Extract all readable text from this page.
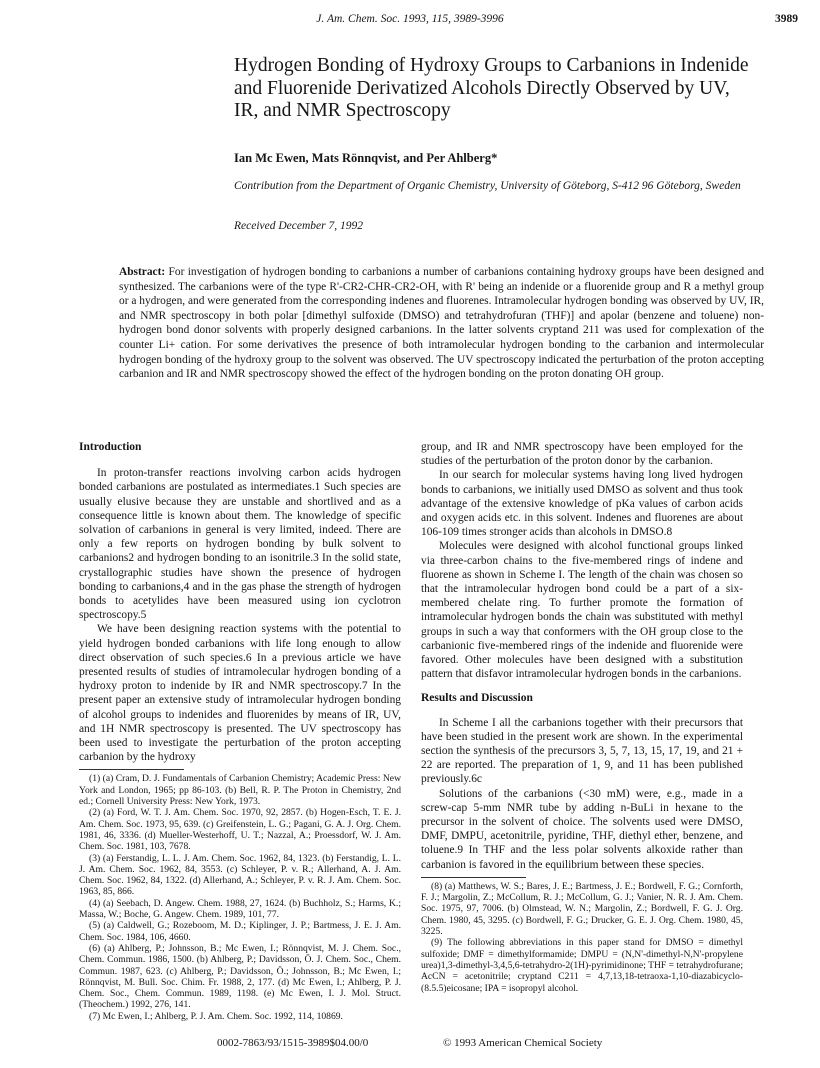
J. Am. Chem. Soc. 1993, 115, 3989-3996	3989
Hydrogen Bonding of Hydroxy Groups to Carbanions in Indenide and Fluorenide Derivatized Alcohols Directly Observed by UV, IR, and NMR Spectroscopy
Ian Mc Ewen, Mats Rönnqvist, and Per Ahlberg*
Contribution from the Department of Organic Chemistry, University of Göteborg, S-412 96 Göteborg, Sweden
Received December 7, 1992
Abstract: For investigation of hydrogen bonding to carbanions a number of carbanions containing hydroxy groups have been designed and synthesized. The carbanions were of the type R'-CR2-CHR-CR2-OH, with R' being an indenide or a fluorenide group and R a methyl group or a hydrogen, and were generated from the corresponding indenes and fluorenes. Intramolecular hydrogen bonding was observed by UV, IR, and NMR spectroscopy in both polar [dimethyl sulfoxide (DMSO) and tetrahydrofuran (THF)] and apolar (benzene and toluene) non-hydrogen bond donor solvents with properly designed carbanions. In the latter solvents cryptand 211 was used for complexation of the counter Li+ cation. For some derivatives the presence of both intramolecular hydrogen bonding to the carbanion and intermolecular hydrogen bonding of the hydroxy group to the solvent was observed. The UV spectroscopy indicated the perturbation of the proton accepting carbanion and IR and NMR spectroscopy showed the effect of the hydrogen bonding on the proton donating OH group.
Introduction

In proton-transfer reactions involving carbon acids hydrogen bonded carbanions are postulated as intermediates.1 Such species are usually elusive because they are unstable and shortlived and as a consequence little is known about them. The knowledge of specific solvation of carbanions in general is very limited, indeed. There are only a few reports on hydrogen bonding by bulk solvent to carbanions2 and hydrogen bonding to an isonitrile.3 In the solid state, crystallographic studies have shown the presence of hydrogen bonding to carbanions,4 and in the gas phase the strength of hydrogen bonds to acetylides have been measured using ion cyclotron spectroscopy.5

We have been designing reaction systems with the potential to yield hydrogen bonded carbanions with life long enough to allow direct observation of such species.6 In a previous article we have presented results of studies of intramolecular hydrogen bonding of a hydroxy proton to indenide by IR and NMR spectroscopy.7 In the present paper an extensive study of intramolecular hydrogen bonding of alcohol groups to indenides and fluorenides by means of IR, UV, and 1H NMR spectroscopy is presented. The UV spectroscopy has been used to investigate the perturbation of the proton accepting carbanion by the hydroxy

(1) (a) Cram, D. J. Fundamentals of Carbanion Chemistry; Academic Press: New York and London, 1965; pp 86-103. (b) Bell, R. P. The Proton in Chemistry, 2nd ed.; Cornell University Press: New York, 1973.

(2) (a) Ford, W. T. J. Am. Chem. Soc. 1970, 92, 2857. (b) Hogen-Esch, T. E. J. Am. Chem. Soc. 1973, 95, 639. (c) Greifenstein, L. G.; Pagani, G. A. J. Org. Chem. 1981, 46, 3336. (d) Mueller-Westerhoff, U. T.; Nazzal, A.; Proessdorf, W. J. Am. Chem. Soc. 1981, 103, 7678.

(3) (a) Ferstandig, L. L. J. Am. Chem. Soc. 1962, 84, 1323. (b) Ferstandig, L. L. J. Am. Chem. Soc. 1962, 84, 3553. (c) Schleyer, P. v. R.; Allerhand, A. J. Am. Chem. Soc. 1962, 84, 1322. (d) Allerhand, A.; Schleyer, P. v. R. J. Am. Chem. Soc. 1963, 85, 866.

(4) (a) Seebach, D. Angew. Chem. 1988, 27, 1624. (b) Buchholz, S.; Harms, K.; Massa, W.; Boche, G. Angew. Chem. 1989, 101, 77.

(5) (a) Caldwell, G.; Rozeboom, M. D.; Kiplinger, J. P.; Bartmess, J. E. J. Am. Chem. Soc. 1984, 106, 4660.

(6) (a) Ahlberg, P.; Johnsson, B.; Mc Ewen, I.; Rönnqvist, M. J. Chem. Soc., Chem. Commun. 1986, 1500. (b) Ahlberg, P.; Davidsson, Ö. J. Chem. Soc., Chem. Commun. 1987, 623. (c) Ahlberg, P.; Davidsson, Ö.; Johnsson, B.; Mc Ewen, I.; Rönnqvist, M. Bull. Soc. Chim. Fr. 1988, 2, 177. (d) Mc Ewen, I.; Ahlberg, P. J. Chem. Soc., Chem. Commun. 1989, 1198. (e) Mc Ewen, I. J. Mol. Struct. (Theochem.) 1992, 276, 141.

(7) Mc Ewen, I.; Ahlberg, P. J. Am. Chem. Soc. 1992, 114, 10869.

group, and IR and NMR spectroscopy have been employed for the studies of the perturbation of the proton donor by the carbanion.

In our search for molecular systems having long lived hydrogen bonds to carbanions, we initially used DMSO as solvent and thus took advantage of the extensive knowledge of pKa values of carbon acids and oxygen acids etc. in this solvent. Indenes and fluorenes are about 106-109 times stronger acids than alcohols in DMSO.8

Molecules were designed with alcohol functional groups linked via three-carbon chains to the five-membered rings of indene and fluorene as shown in Scheme I. The length of the chain was chosen so that the intramolecular hydrogen bond could be a part of a six-membered chelate ring. To further promote the formation of intramolecular hydrogen bonds the chain was substituted with methyl groups in such a way that conformers with the OH group close to the carbanionic five-membered rings of the indenide and fluorenide were favored. Other molecules have been designed with a substitution pattern that disfavor intramolecular hydrogen bonds in the carbanions.

Results and Discussion

In Scheme I all the carbanions together with their precursors that have been studied in the present work are shown. In the experimental section the synthesis of the precursors 3, 5, 7, 13, 15, 17, 19, and 21 + 22 are reported. The preparation of 1, 9, and 11 has been published previously.6c

Solutions of the carbanions (<30 mM) were, e.g., made in a screw-cap 5-mm NMR tube by adding n-BuLi in hexane to the precursor in the solvent of choice. The solvents used were DMSO, DMF, DMPU, acetonitrile, pyridine, THF, diethyl ether, benzene, and toluene.9 In THF and the less polar solvents alkoxide rather than carbanion is favored in the equilibrium between these species.

(8) (a) Matthews, W. S.; Bares, J. E.; Bartmess, J. E.; Bordwell, F. G.; Cornforth, F. J.; Margolin, Z.; McCollum, R. J.; McCollum, G. J.; Vanier, N. R. J. Am. Chem. Soc. 1975, 97, 7006. (b) Olmstead, W. N.; Margolin, Z.; Bordwell, F. G. J. Org. Chem. 1980, 45, 3295. (c) Bordwell, F. G.; Drucker, G. E. J. Org. Chem. 1980, 45, 3225.

(9) The following abbreviations in this paper stand for DMSO = dimethyl sulfoxide; DMF = dimethylformamide; DMPU = (N,N'-dimethyl-N,N'-propylene urea)1,3-dimethyl-3,4,5,6-tetrahydro-2(1H)-pyrimidinone; THF = tetrahydrofurane; AcCN = acetonitrile; cryptand C211 = 4,7,13,18-tetraoxa-1,10-diazabicyclo-(8.5.5)eicosane; IPA = isopropyl alcohol.

0002-7863/93/1515-3989$04.00/0	© 1993 American Chemical Society
